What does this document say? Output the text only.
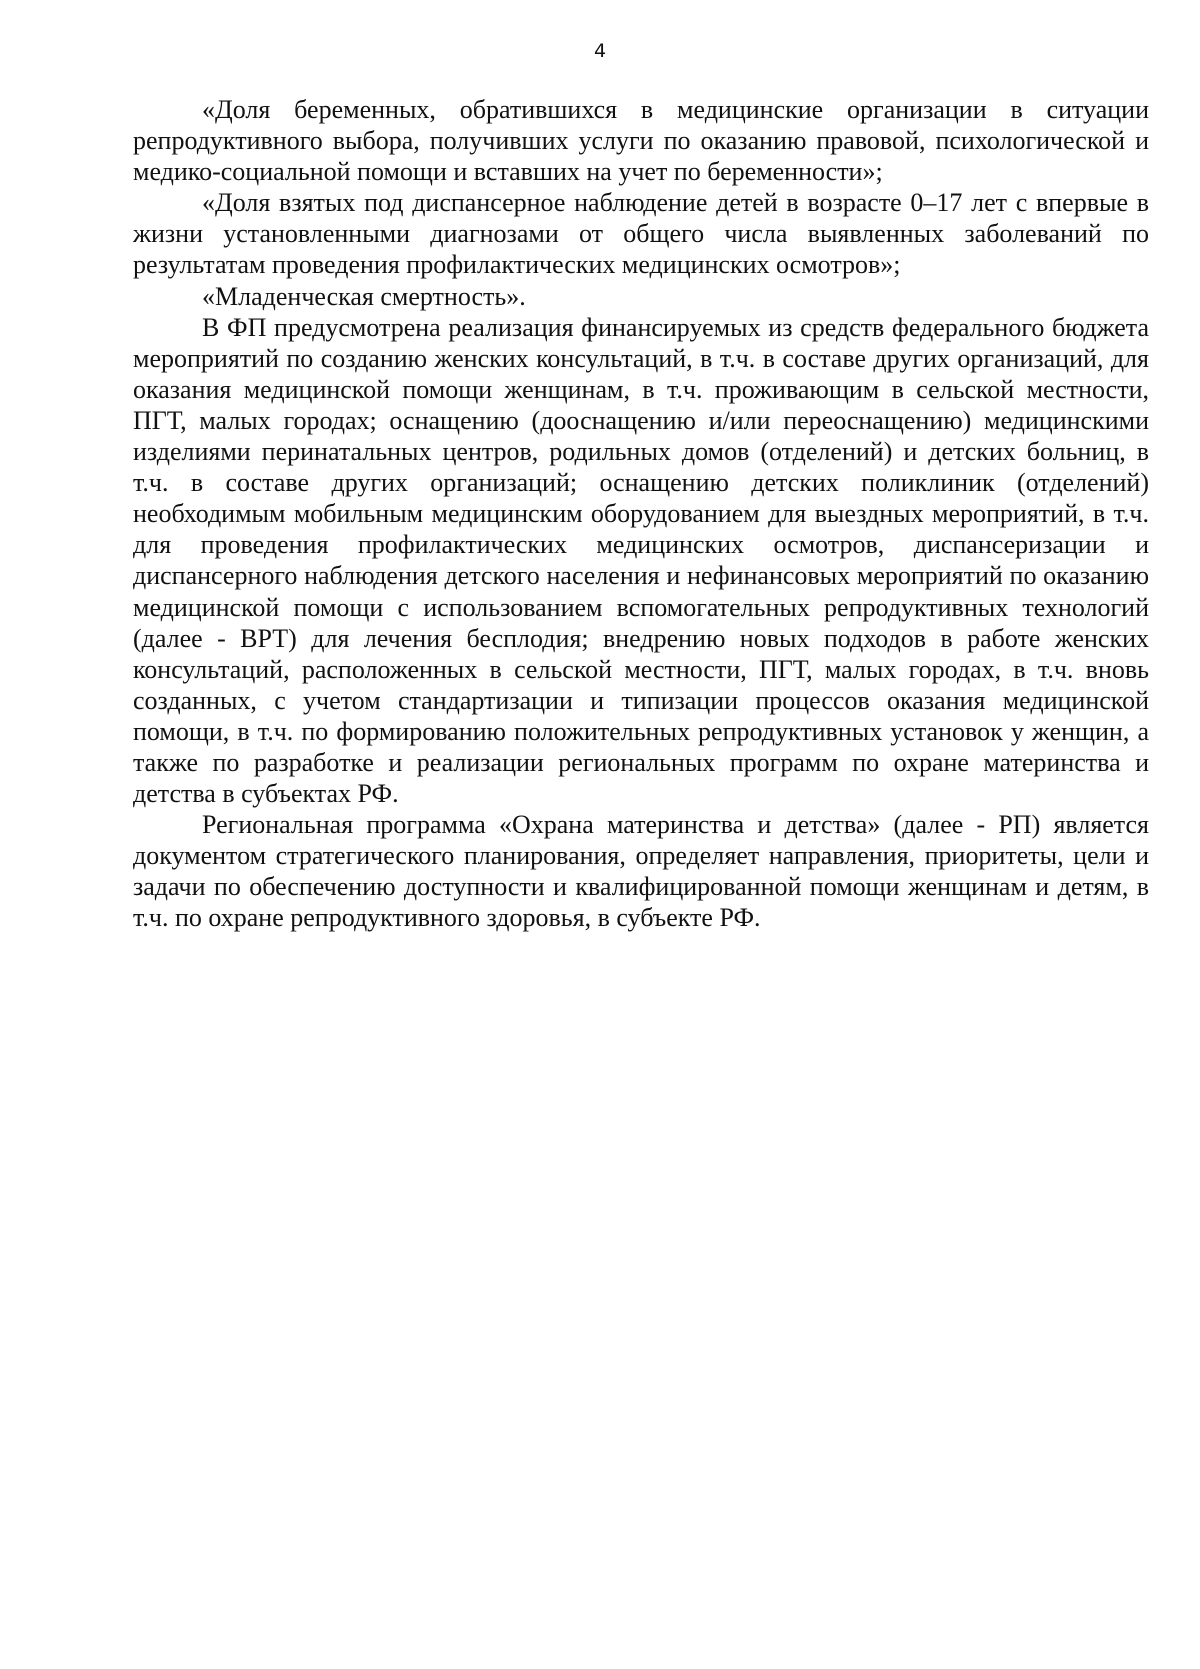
4

«Доля беременных, обратившихся в медицинские организации в ситуации репродуктивного выбора, получивших услуги по оказанию правовой, психологической и медико-социальной помощи и вставших на учет по беременности»;

«Доля взятых под диспансерное наблюдение детей в возрасте 0–17 лет с впервые в жизни установленными диагнозами от общего числа выявленных заболеваний по результатам проведения профилактических медицинских осмотров»;

«Младенческая смертность».

В ФП предусмотрена реализация финансируемых из средств федерального бюджета мероприятий по созданию женских консультаций, в т.ч. в составе других организаций, для оказания медицинской помощи женщинам, в т.ч. проживающим в сельской местности, ПГТ, малых городах; оснащению (дооснащению и/или переоснащению) медицинскими изделиями перинатальных центров, родильных домов (отделений) и детских больниц, в т.ч. в составе других организаций; оснащению детских поликлиник (отделений) необходимым мобильным медицинским оборудованием для выездных мероприятий, в т.ч. для проведения профилактических медицинских осмотров, диспансеризации и диспансерного наблюдения детского населения и нефинансовых мероприятий по оказанию медицинской помощи с использованием вспомогательных репродуктивных технологий (далее - ВРТ) для лечения бесплодия; внедрению новых подходов в работе женских консультаций, расположенных в сельской местности, ПГТ, малых городах, в т.ч. вновь созданных, с учетом стандартизации и типизации процессов оказания медицинской помощи, в т.ч. по формированию положительных репродуктивных установок у женщин, а также по разработке и реализации региональных программ по охране материнства и детства в субъектах РФ.

Региональная программа «Охрана материнства и детства» (далее - РП) является документом стратегического планирования, определяет направления, приоритеты, цели и задачи по обеспечению доступности и квалифицированной помощи женщинам и детям, в т.ч. по охране репродуктивного здоровья, в субъекте РФ.
